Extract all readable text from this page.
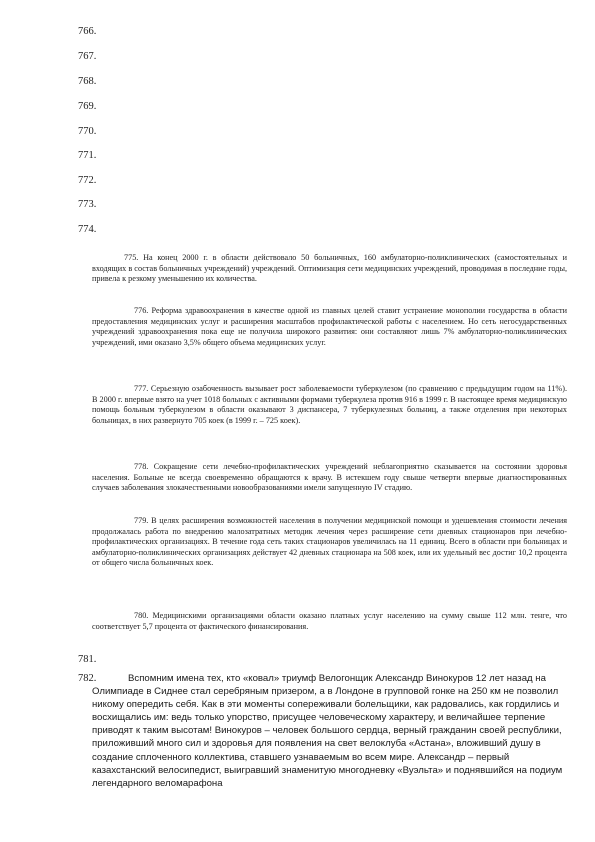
766.
767.
768.
769.
770.
771.
772.
773.
774.

775. На конец 2000 г. в области действовало 50 больничных, 160 амбулаторно-поликлинических (самостоятельных и входящих в состав больничных учреждений) учреждений. Оптимизация сети медицинских учреждений, проводимая в последние годы, привела к резкому уменьшению их количества.

776. Реформа здравоохранения в качестве одной из главных целей ставит устранение монополии государства в области предоставления медицинских услуг и расширения масштабов профилактической работы с населением. Но сеть негосударственных учреждений здравоохранения пока еще не получила широкого развития: они составляют лишь 7% амбулаторно-поликлинических учреждений, ими оказано 3,5% общего объема медицинских услуг.

777. Серьезную озабоченность вызывает рост заболеваемости туберкулезом (по сравнению с предыдущим годом на 11%). В 2000 г. впервые взято на учет 1018 больных с активными формами туберкулеза против 916 в 1999 г. В настоящее время медицинскую помощь больным туберкулезом в области оказывают 3 диспансера, 7 туберкулезных больниц, а также отделения при некоторых больницах, в них развернуто 705 коек (в 1999 г. – 725 коек).

778. Сокращение сети лечебно-профилактических учреждений неблагоприятно сказывается на состоянии здоровья населения. Больные не всегда своевременно обращаются к врачу. В истекшем году свыше четверти впервые диагностированных случаев заболевания злокачественными новообразованиями имели запущенную IV стадию.

779. В целях расширения возможностей населения в получении медицинской помощи и удешевления стоимости лечения продолжалась работа по внедрению малозатратных методик лечения через расширение сети дневных стационаров при лечебно-профилактических организациях. В течение года сеть таких стационаров увеличилась на 11 единиц. Всего в области при больницах и амбулаторно-поликлинических организациях действует 42 дневных стационара на 508 коек, или их удельный вес достиг 10,2 процента от общего числа больничных коек.

780. Медицинскими организациями области оказано платных услуг населению на сумму свыше 112 млн. тенге, что соответствует 5,7 процента от фактического финансирования.

781.
782.	Вспомним имена тех, кто «ковал» триумф Велогонщик Александр Винокуров 12 лет назад на Олимпиаде в Сиднее стал серебряным призером, а в Лондоне в групповой гонке на 250 км не позволил никому опередить себя. Как в эти моменты сопереживали болельщики, как радовались, как гордились и восхищались им: ведь только упорство, присущее человеческому характеру, и величайшее терпение приводят к таким высотам! Винокуров – человек большого сердца, верный гражданин своей республики, приложивший много сил и здоровья для появления на свет велоклуба «Астана», вложивший душу в создание сплоченного коллектива, ставшего узнаваемым во всем мире. Александр – первый казахстанский велосипедист, выигравший знаменитую многодневку «Вуэльта» и поднявшийся на подиум легендарного веломарафона
